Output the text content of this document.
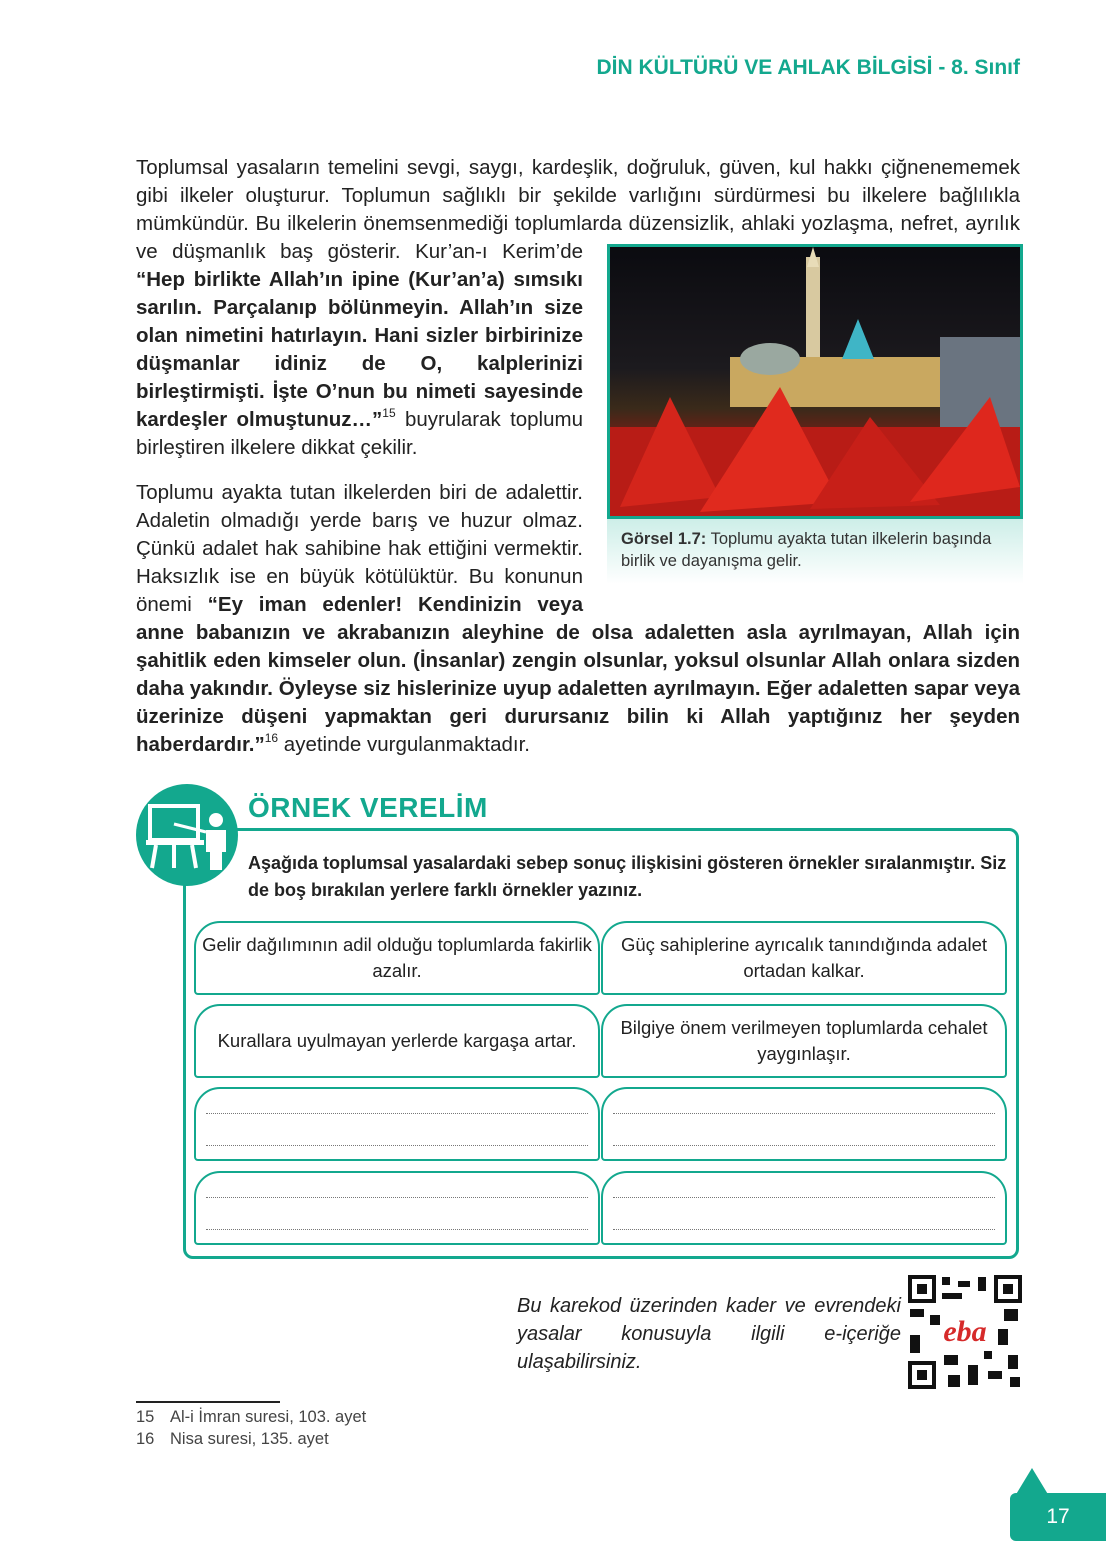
DİN KÜLTÜRÜ VE AHLAK BİLGİSİ - 8. Sınıf
Görsel 1.7: Toplumu ayakta tutan ilkelerin başında birlik ve dayanışma gelir.

Toplumsal yasaların temelini sevgi, saygı, kardeşlik, doğruluk, güven, kul hakkı çiğnenememek gibi ilkeler oluşturur. Toplumun sağlıklı bir şekilde varlığını sürdürmesi bu ilkelere bağlılıkla mümkündür. Bu ilkelerin önemsenmediği toplumlarda düzensizlik, ahlaki yozlaşma, nefret, ayrılık ve düşmanlık baş gösterir. Kur’an-ı Kerim’de “Hep birlikte Allah’ın ipine (Kur’an’a) sımsıkı sarılın. Parçalanıp bölünmeyin. Allah’ın size olan nimetini hatırlayın. Hani sizler birbirinize düşmanlar idiniz de O, kalplerinizi birleştirmişti. İşte O’nun bu nimeti sayesinde kardeşler olmuştunuz…”$^{15}$ buyrularak toplumu birleştiren ilkelere dikkat çekilir.

Toplumu ayakta tutan ilkelerden biri de adalettir. Adaletin olmadığı yerde barış ve huzur olmaz. Çünkü adalet hak sahibine hak ettiğini vermektir. Haksızlık ise en büyük kötülüktür. Bu konunun önemi “Ey iman edenler! Kendinizin veya anne babanızın ve akrabanızın aleyhine de olsa adaletten asla ayrılmayan, Allah için şahitlik eden kimseler olun. (İnsanlar) zengin olsunlar, yoksul olsunlar Allah onlara sizden daha yakındır. Öyleyse siz hislerinize uyup adaletten ayrılmayın. Eğer adaletten sapar veya üzerinize düşeni yapmaktan geri durursanız bilin ki Allah yaptığınız her şeyden haberdardır.”$^{16}$ ayetinde vurgulanmaktadır.

ÖRNEK VERELİM
Aşağıda toplumsal yasalardaki sebep sonuç ilişkisini gösteren örnekler sıralanmıştır. Siz de boş bırakılan yerlere farklı örnekler yazınız.
Gelir dağılımının adil olduğu toplumlarda fakirlik azalır.
Güç sahiplerine ayrıcalık tanındığında adalet ortadan kalkar.
Kurallara uyulmayan yerlerde kargaşa artar.
Bilgiye önem verilmeyen toplumlarda cehalet yaygınlaşır.
Bu karekod üzerinden kader ve evrendeki yasalar konusuyla ilgili e-içeriğe ulaşabilirsiniz.
eba
15 Al-i İmran suresi, 103. ayet
16 Nisa suresi, 135. ayet
17
